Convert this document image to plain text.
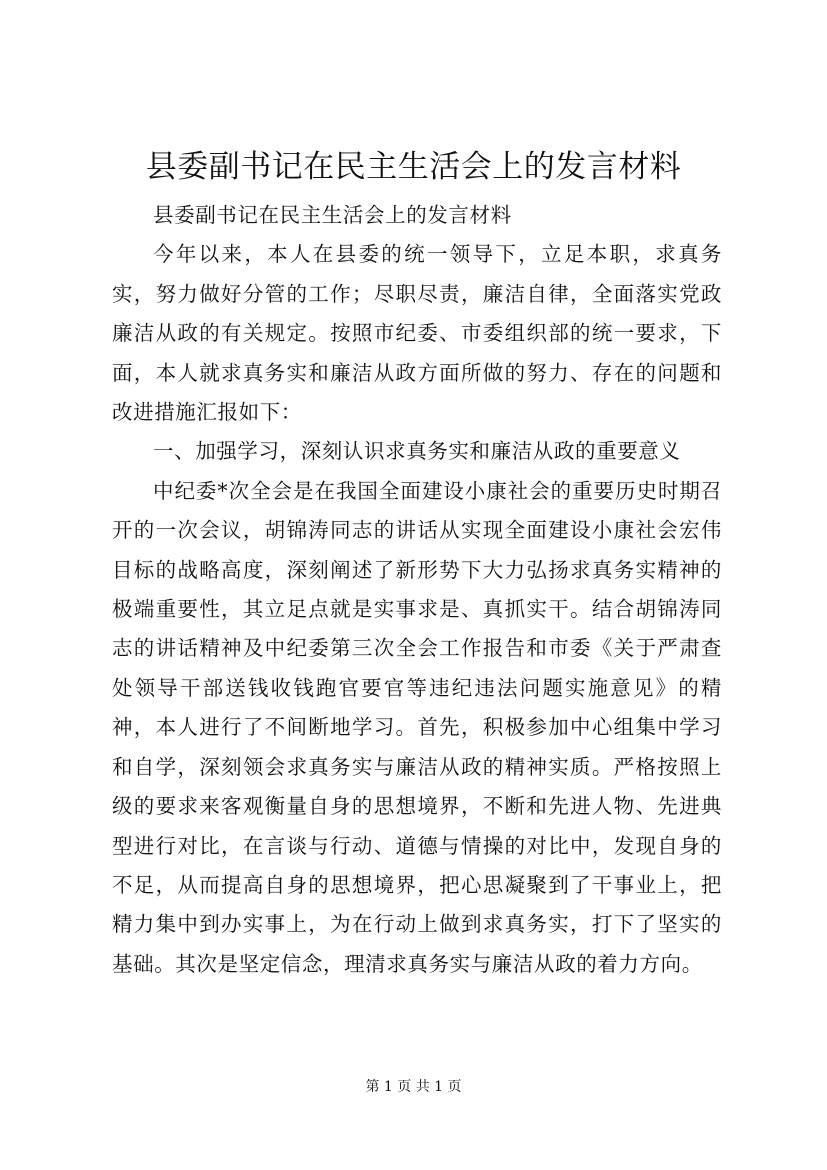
县委副书记在民主生活会上的发言材料

县委副书记在民主生活会上的发言材料

今年以来，本人在县委的统一领导下，立足本职，求真务实，努力做好分管的工作；尽职尽责，廉洁自律，全面落实党政廉洁从政的有关规定。按照市纪委、市委组织部的统一要求，下面，本人就求真务实和廉洁从政方面所做的努力、存在的问题和改进措施汇报如下：

一、加强学习，深刻认识求真务实和廉洁从政的重要意义

中纪委*次全会是在我国全面建设小康社会的重要历史时期召开的一次会议，胡锦涛同志的讲话从实现全面建设小康社会宏伟目标的战略高度，深刻阐述了新形势下大力弘扬求真务实精神的极端重要性，其立足点就是实事求是、真抓实干。结合胡锦涛同志的讲话精神及中纪委第三次全会工作报告和市委《关于严肃查处领导干部送钱收钱跑官要官等违纪违法问题实施意见》的精神，本人进行了不间断地学习。首先，积极参加中心组集中学习和自学，深刻领会求真务实与廉洁从政的精神实质。严格按照上级的要求来客观衡量自身的思想境界，不断和先进人物、先进典型进行对比，在言谈与行动、道德与情操的对比中，发现自身的不足，从而提高自身的思想境界，把心思凝聚到了干事业上，把精力集中到办实事上，为在行动上做到求真务实，打下了坚实的基础。其次是坚定信念，理清求真务实与廉洁从政的着力方向。

第 1 页 共 1 页
